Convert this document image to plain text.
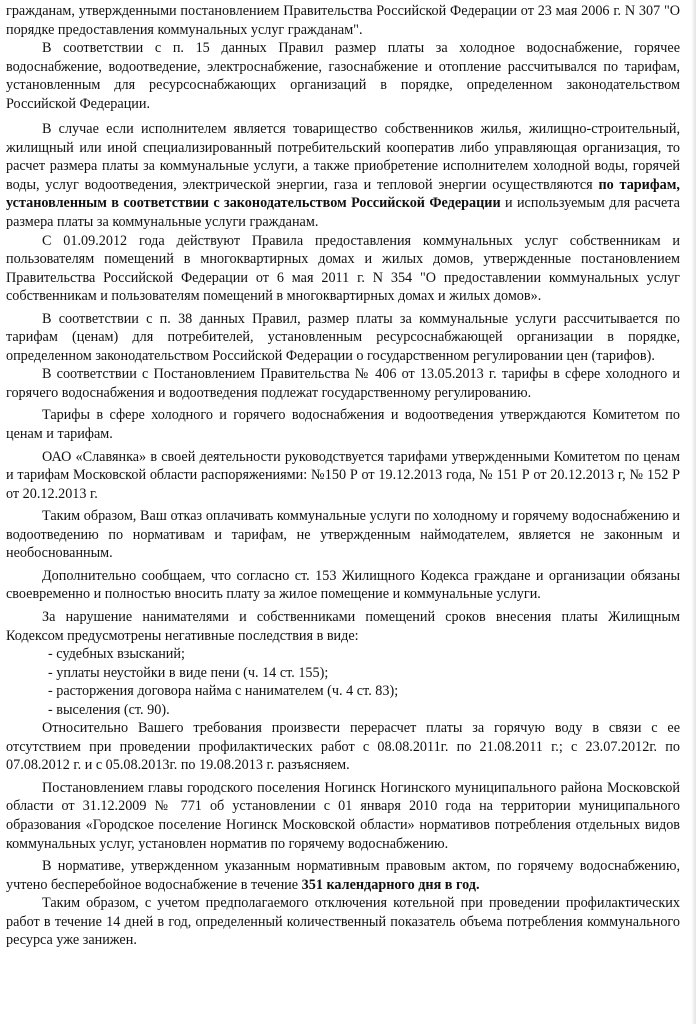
гражданам, утвержденными постановлением Правительства Российской Федерации от 23 мая 2006 г. N 307 "О порядке предоставления коммунальных услуг гражданам".

В соответствии с п. 15 данных Правил размер платы за холодное водоснабжение, горячее водоснабжение, водоотведение, электроснабжение, газоснабжение и отопление рассчитывался по тарифам, установленным для ресурсоснабжающих организаций в порядке, определенном законодательством Российской Федерации.

В случае если исполнителем является товарищество собственников жилья, жилищно-строительный, жилищный или иной специализированный потребительский кооператив либо управляющая организация, то расчет размера платы за коммунальные услуги, а также приобретение исполнителем холодной воды, горячей воды, услуг водоотведения, электрической энергии, газа и тепловой энергии осуществляются по тарифам, установленным в соответствии с законодательством Российской Федерации и используемым для расчета размера платы за коммунальные услуги гражданам.

С 01.09.2012 года действуют Правила предоставления коммунальных услуг собственникам и пользователям помещений в многоквартирных домах и жилых домов, утвержденные постановлением Правительства Российской Федерации от 6 мая 2011 г. N 354 "О предоставлении коммунальных услуг собственникам и пользователям помещений в многоквартирных домах и жилых домов».

В соответствии с п. 38 данных Правил, размер платы за коммунальные услуги рассчитывается по тарифам (ценам) для потребителей, установленным ресурсоснабжающей организации в порядке, определенном законодательством Российской Федерации о государственном регулировании цен (тарифов).

В соответствии с Постановлением Правительства № 406 от 13.05.2013 г. тарифы в сфере холодного и горячего водоснабжения и водоотведения подлежат государственному регулированию.

Тарифы в сфере холодного и горячего водоснабжения и водоотведения утверждаются Комитетом по ценам и тарифам.

ОАО «Славянка» в своей деятельности руководствуется тарифами утвержденными Комитетом по ценам и тарифам Московской области распоряжениями: №150 Р от 19.12.2013 года, № 151 Р от 20.12.2013 г, № 152 Р от 20.12.2013 г.

Таким образом, Ваш отказ оплачивать коммунальные услуги по холодному и горячему водоснабжению и водоотведению по нормативам и тарифам, не утвержденным наймодателем, является не законным и необоснованным.

Дополнительно сообщаем, что согласно ст. 153 Жилищного Кодекса граждане и организации обязаны своевременно и полностью вносить плату за жилое помещение и коммунальные услуги.

За нарушение нанимателями и собственниками помещений сроков внесения платы Жилищным Кодексом предусмотрены негативные последствия в виде:

- судебных взысканий;
- уплаты неустойки в виде пени (ч. 14 ст. 155);
- расторжения договора найма с нанимателем (ч. 4 ст. 83);
- выселения (ст. 90).

Относительно Вашего требования произвести перерасчет платы за горячую воду в связи с ее отсутствием при проведении профилактических работ с 08.08.2011г. по 21.08.2011 г.; с 23.07.2012г. по 07.08.2012 г. и с 05.08.2013г. по 19.08.2013 г. разъясняем.

Постановлением главы городского поселения Ногинск Ногинского муниципального района Московской области от 31.12.2009 № 771 об установлении с 01 января 2010 года на территории муниципального образования «Городское поселение Ногинск Московской области» нормативов потребления отдельных видов коммунальных услуг, установлен норматив по горячему водоснабжению.

В нормативе, утвержденном указанным нормативным правовым актом, по горячему водоснабжению, учтено бесперебойное водоснабжение в течение 351 календарного дня в год.

Таким образом, с учетом предполагаемого отключения котельной при проведении профилактических работ в течение 14 дней в год, определенный количественный показатель объема потребления коммунального ресурса уже занижен.
